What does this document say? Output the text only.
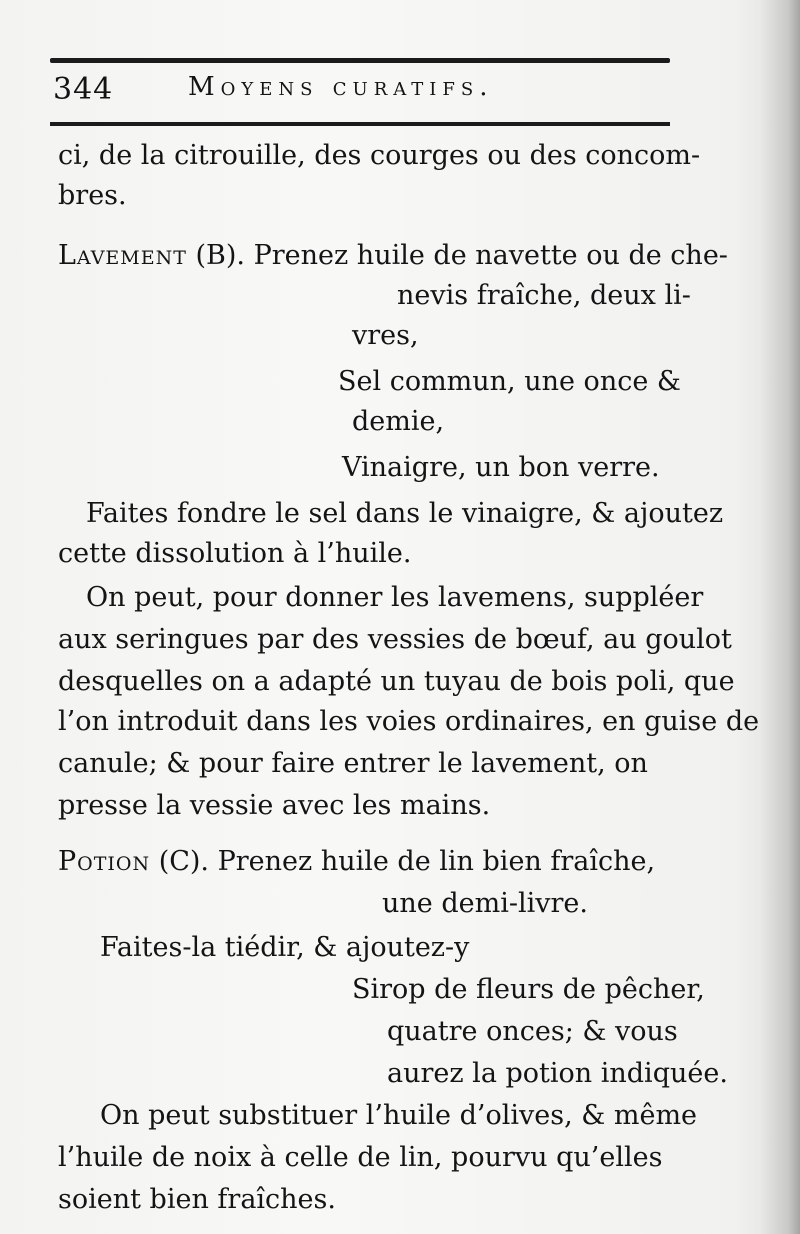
344	Moyens curatifs.
ci, de la citrouille, des courges ou des concom-
bres.
Lavement (B). Prenez huile de navette ou de che-
nevis fraîche, deux li-
vres,
Sel commun, une once &
demie,
Vinaigre, un bon verre.
Faites fondre le sel dans le vinaigre, & ajoutez
cette dissolution à l’huile.
On peut, pour donner les lavemens, suppléer
aux seringues par des vessies de bœuf, au goulot
desquelles on a adapté un tuyau de bois poli, que
l’on introduit dans les voies ordinaires, en guise de
canule; & pour faire entrer le lavement, on
presse la vessie avec les mains.
Potion (C). Prenez huile de lin bien fraîche,
une demi-livre.
Faites-la tiédir, & ajoutez-y
Sirop de fleurs de pêcher,
quatre onces; & vous
aurez la potion indiquée.
On peut substituer l’huile d’olives, & même
l’huile de noix à celle de lin, pourvu qu’elles
soient bien fraîches.
